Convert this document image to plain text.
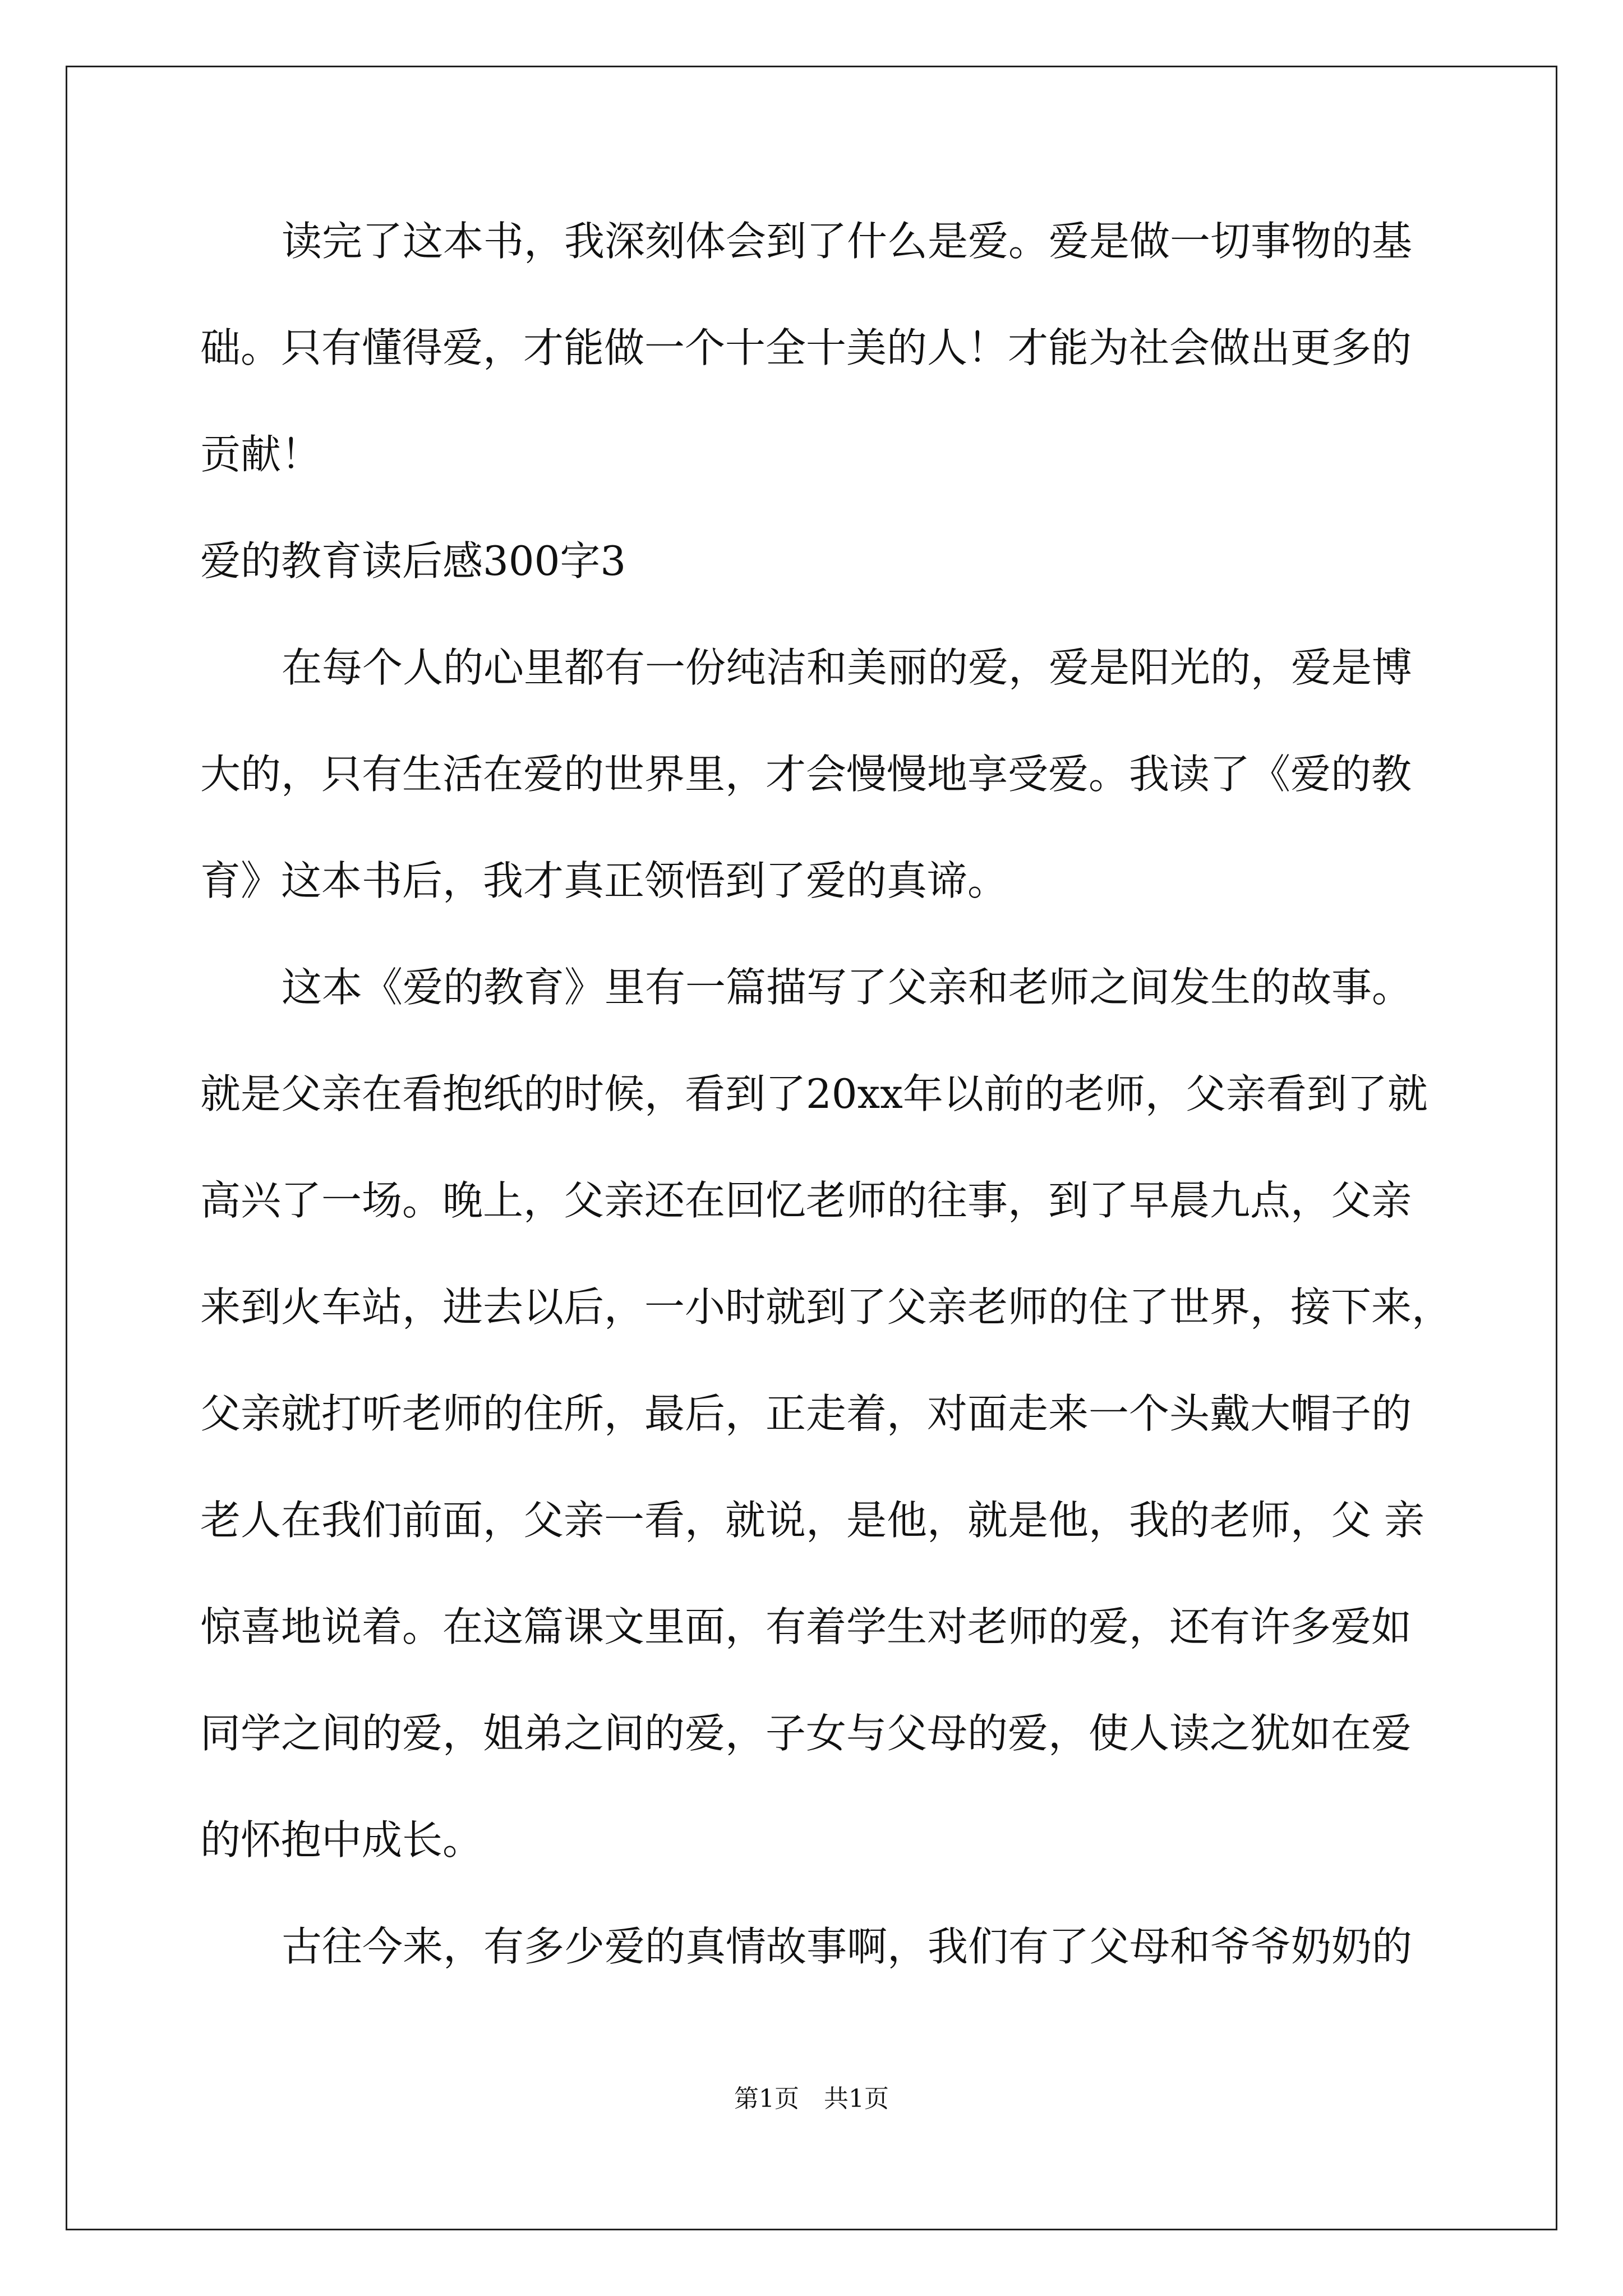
读完了这本书，我深刻体会到了什么是爱。爱是做一切事物的基
础。只有懂得爱，才能做一个十全十美的人！才能为社会做出更多的
贡献！
爱的教育读后感300字3
在每个人的心里都有一份纯洁和美丽的爱，爱是阳光的，爱是博
大的，只有生活在爱的世界里，才会慢慢地享受爱。我读了《爱的教
育》这本书后，我才真正领悟到了爱的真谛。
这本《爱的教育》里有一篇描写了父亲和老师之间发生的故事。
就是父亲在看抱纸的时候，看到了20xx年以前的老师，父亲看到了就
高兴了一场。晚上，父亲还在回忆老师的往事，到了早晨九点，父亲
来到火车站，进去以后，一小时就到了父亲老师的住了世界，接下来，
父亲就打听老师的住所，最后，正走着，对面走来一个头戴大帽子的
老人在我们前面，父亲一看，就说，是他，就是他，我的老师，父 亲
惊喜地说着。在这篇课文里面，有着学生对老师的爱，还有许多爱如
同学之间的爱，姐弟之间的爱，子女与父母的爱，使人读之犹如在爱
的怀抱中成长。
古往今来，有多少爱的真情故事啊，我们有了父母和爷爷奶奶的
第1页　共1页
